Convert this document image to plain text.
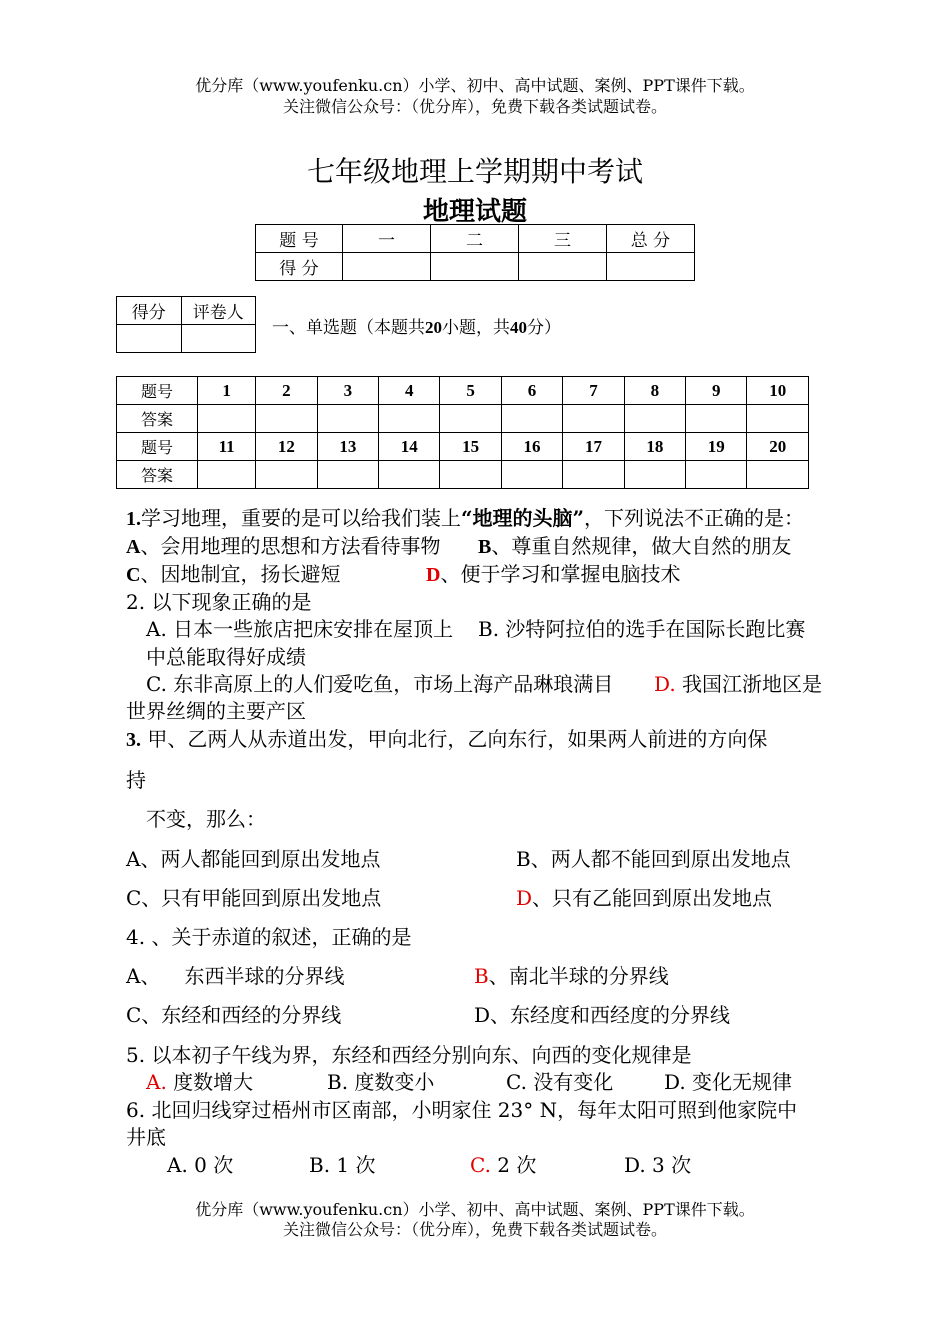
优分库（www.youfenku.cn）小学、初中、高中试题、案例、PPT课件下载。
关注微信公众号：（优分库），免费下载各类试题试卷。
七年级地理上学期期中考试
地理试题
题 号	一	二	三	总 分
得 分				
得分	评卷人

一、单选题（本题共20小题，共40分）
题号	1	2	3	4	5	6	7	8	9	10
答案										
题号	11	12	13	14	15	16	17	18	19	20
答案										
1.学习地理，重要的是可以给我们装上“地理的头脑”，下列说法不正确的是：
A、会用地理的思想和方法看待事物 B、尊重自然规律，做大自然的朋友
C、因地制宜，扬长避短	D、便于学习和掌握电脑技术
2. 以下现象正确的是
A. 日本一些旅店把床安排在屋顶上 B. 沙特阿拉伯的选手在国际长跑比赛
中总能取得好成绩
C. 东非高原上的人们爱吃鱼，市场上海产品琳琅满目 D. 我国江浙地区是
世界丝绸的主要产区
3. 甲、乙两人从赤道出发，甲向北行，乙向东行，如果两人前进的方向保
持
不变，那么：
A、两人都能回到原出发地点	B、两人都不能回到原出发地点
C、只有甲能回到原出发地点	D、只有乙能回到原出发地点
4. 、关于赤道的叙述，正确的是
A、 东西半球的分界线	B、南北半球的分界线
C、东经和西经的分界线	D、东经度和西经度的分界线
5. 以本初子午线为界，东经和西经分别向东、向西的变化规律是
A. 度数增大	B. 度数变小	C. 没有变化	D. 变化无规律
6. 北回归线穿过梧州市区南部，小明家住 23° N，每年太阳可照到他家院中
井底
A. 0 次	B. 1 次	C. 2 次	D. 3 次
优分库（www.youfenku.cn）小学、初中、高中试题、案例、PPT课件下载。
关注微信公众号：（优分库），免费下载各类试题试卷。
